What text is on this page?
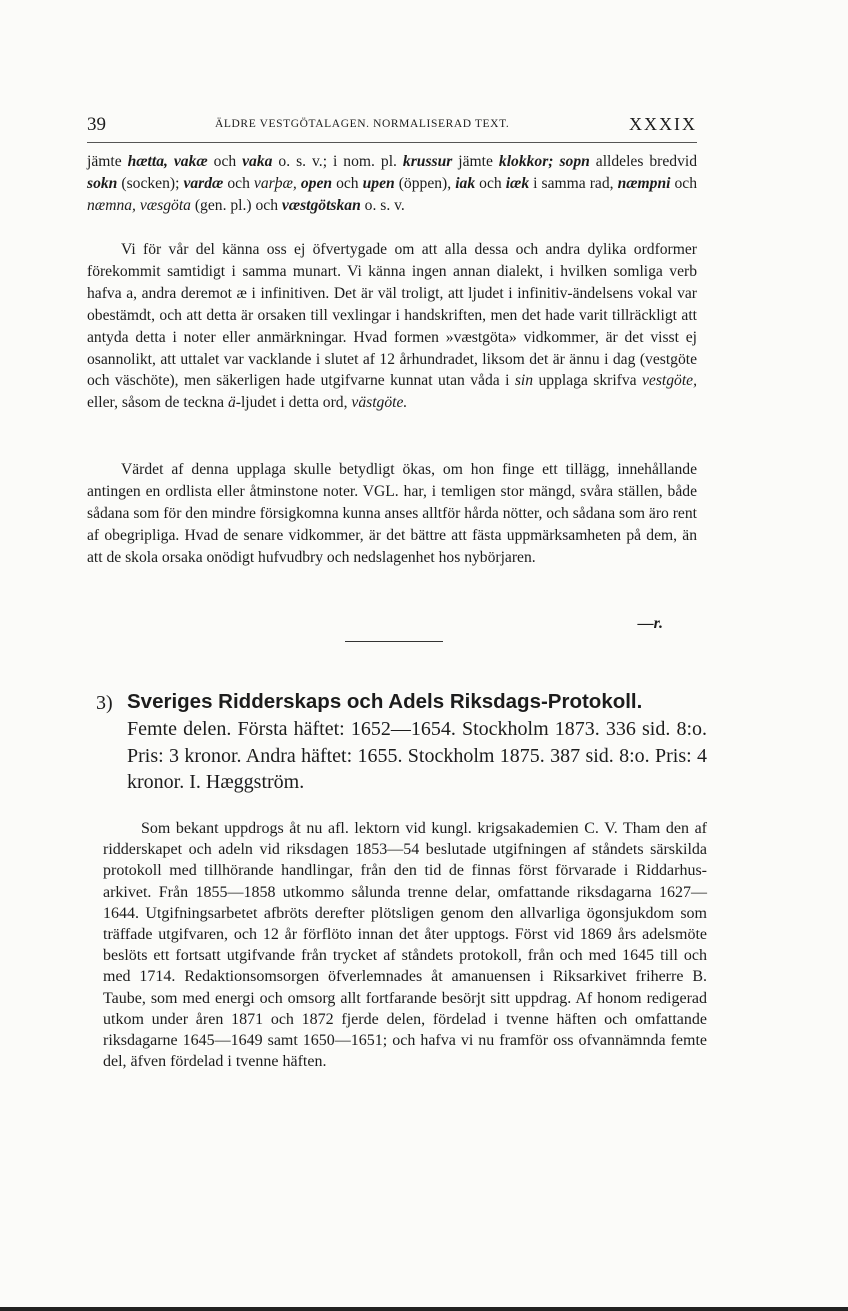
39	ÄLDRE VESTGÖTALAGEN. NORMALISERAD TEXT.	XXXIX

jämte hætta, vakæ och vaka o. s. v.; i nom. pl. krussur jämte klokkor; sopn alldeles bredvid sokn (socken); vardæ och varþæ, open och upen (öppen), iak och iæk i samma rad, næmpni och næmna, væsgöta (gen. pl.) och væstgötskan o. s. v.

Vi för vår del känna oss ej öfvertygade om att alla dessa och andra dylika ordformer förekommit samtidigt i samma munart. Vi känna ingen annan dialekt, i hvilken somliga verb hafva a, andra deremot æ i infinitiven. Det är väl troligt, att ljudet i infinitiv-ändelsens vokal var obestämdt, och att detta är orsaken till vexlingar i handskriften, men det hade varit tillräckligt att antyda detta i noter eller anmärkningar. Hvad formen »væstgöta» vidkommer, är det visst ej osannolikt, att uttalet var vacklande i slutet af 12 århundradet, liksom det är ännu i dag (vestgöte och väschöte), men säkerligen hade utgifvarne kunnat utan våda i sin upplaga skrifva vestgöte, eller, såsom de teckna ä-ljudet i detta ord, västgöte.

Värdet af denna upplaga skulle betydligt ökas, om hon finge ett tillägg, innehållande antingen en ordlista eller åtminstone noter. VGL. har, i temligen stor mängd, svåra ställen, både sådana som för den mindre försigkomna kunna anses alltför hårda nötter, och sådana som äro rent af obegripliga. Hvad de senare vidkommer, är det bättre att fästa uppmärksamheten på dem, än att de skola orsaka onödigt hufvudbry och nedslagenhet hos nybörjaren.

—r.
3) Sveriges Ridderskaps och Adels Riksdags-Protokoll.

Femte delen. Första häftet: 1652—1654. Stockholm 1873. 336 sid. 8:o. Pris: 3 kronor. Andra häftet: 1655. Stockholm 1875. 387 sid. 8:o. Pris: 4 kronor. I. Hæggström.

Som bekant uppdrogs åt nu afl. lektorn vid kungl. krigsakademien C. V. Tham den af ridderskapet och adeln vid riksdagen 1853—54 beslutade utgifningen af ståndets särskilda protokoll med tillhörande handlingar, från den tid de finnas först förvarade i Riddarhus-arkivet. Från 1855—1858 utkommo sålunda trenne delar, omfattande riksdagarna 1627—1644. Utgifningsarbetet afbröts derefter plötsligen genom den allvarliga ögonsjukdom som träffade utgifvaren, och 12 år förflöto innan det åter upptogs. Först vid 1869 års adelsmöte beslöts ett fortsatt utgifvande från trycket af ståndets protokoll, från och med 1645 till och med 1714. Redaktionsomsorgen öfverlemnades åt amanuensen i Riksarkivet friherre B. Taube, som med energi och omsorg allt fortfarande besörjt sitt uppdrag. Af honom redigerad utkom under åren 1871 och 1872 fjerde delen, fördelad i tvenne häften och omfattande riksdagarne 1645—1649 samt 1650—1651; och hafva vi nu framför oss ofvannämnda femte del, äfven fördelad i tvenne häften.
